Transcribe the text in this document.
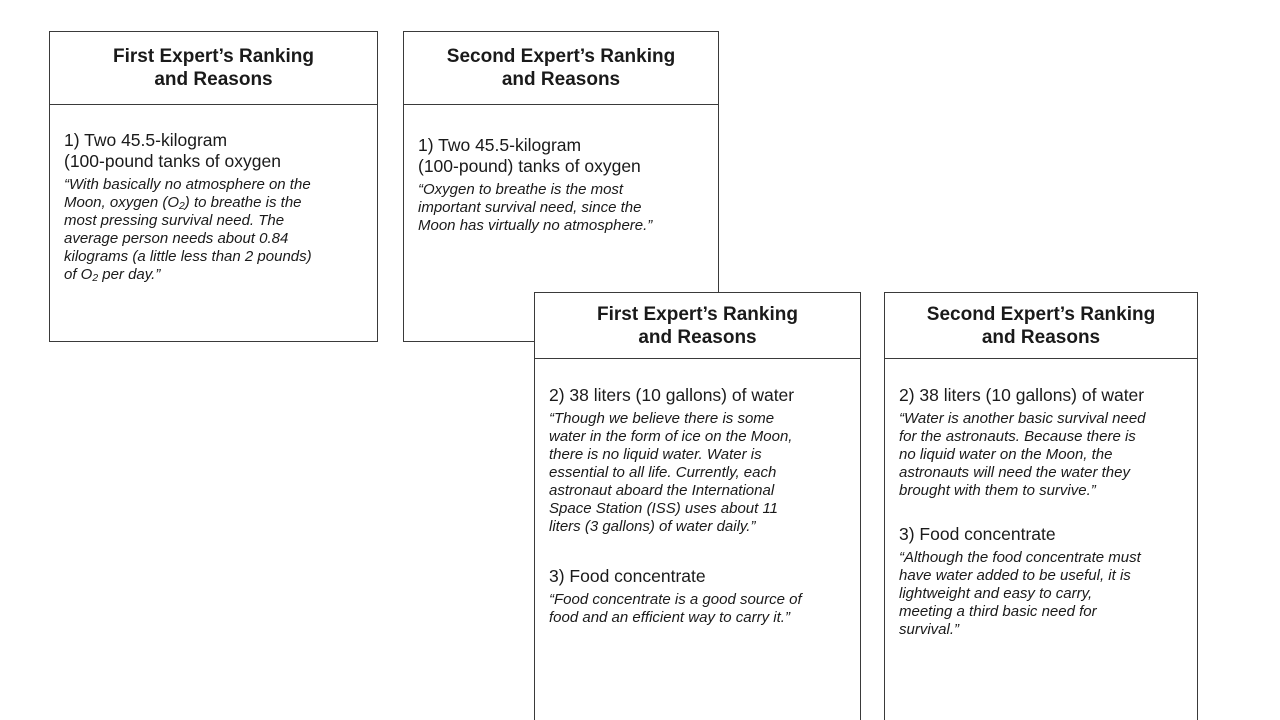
First Expert’s Ranking
and Reasons

1) Two 45.5-kilogram
(100-pound tanks of oxygen

“With basically no atmosphere on the
Moon, oxygen (O₂) to breathe is the
most pressing survival need. The
average person needs about 0.84
kilograms (a little less than 2 pounds)
of O₂ per day.”

Second Expert’s Ranking
and Reasons

1) Two 45.5-kilogram
(100-pound) tanks of oxygen

“Oxygen to breathe is the most
important survival need, since the
Moon has virtually no atmosphere.”

First Expert’s Ranking
and Reasons

2) 38 liters (10 gallons) of water

“Though we believe there is some
water in the form of ice on the Moon,
there is no liquid water. Water is
essential to all life. Currently, each
astronaut aboard the International
Space Station (ISS) uses about 11
liters (3 gallons) of water daily.”

3) Food concentrate

“Food concentrate is a good source of
food and an efficient way to carry it.”

Second Expert’s Ranking
and Reasons

2) 38 liters (10 gallons) of water

“Water is another basic survival need
for the astronauts. Because there is
no liquid water on the Moon, the
astronauts will need the water they
brought with them to survive.”

3) Food concentrate

“Although the food concentrate must
have water added to be useful, it is
lightweight and easy to carry,
meeting a third basic need for
survival.”
